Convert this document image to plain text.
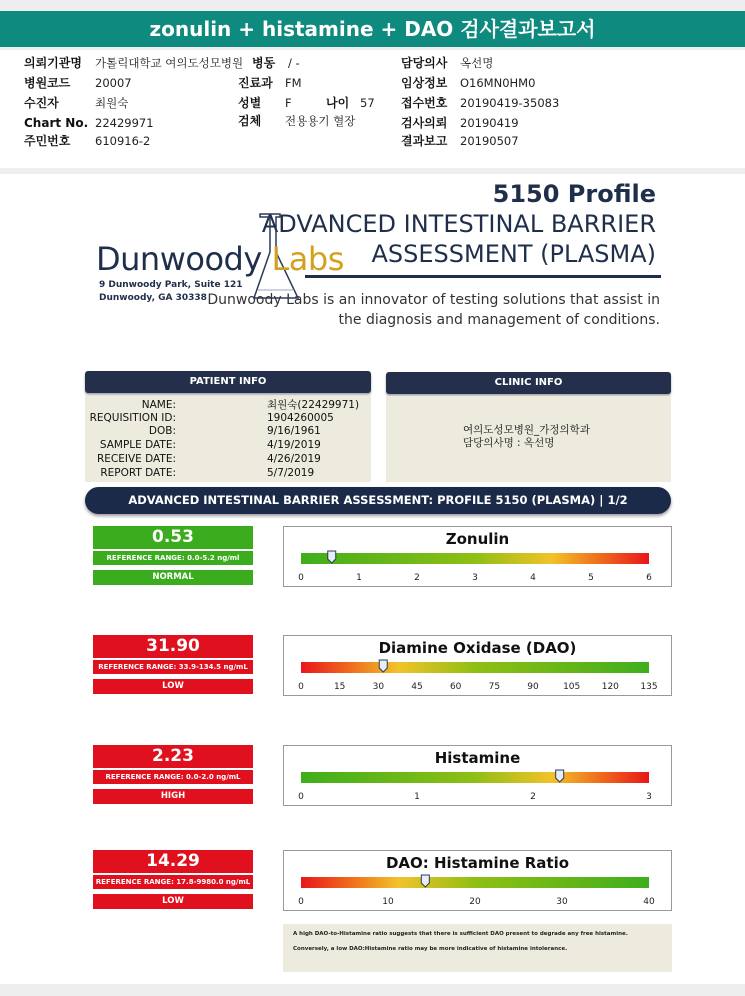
zonulin + histamine + DAO 검사결과보고서
의뢰기관명 가톨릭대학교 여의도성모병원
병원코드 20007
수진자	최원숙
Chart No. 22429971
주민번호 610916-2
병동 / -
진료과 FM
성별 F	나이 57
검체 전용용기 혈장
담당의사 옥선명
임상정보 O16MN0HM0
접수번호 20190419-35083
검사의뢰 20190419
결과보고 20190507
5150 Profile
ADVANCED INTESTINAL BARRIER
ASSESSMENT (PLASMA)
Dunwoody Labs is an innovator of testing solutions that assist in
the diagnosis and management of conditions.
Dunwoody Labs
9 Dunwoody Park, Suite 121
Dunwoody, GA 30338
PATIENT INFO
NAME:	최원숙(22429971)
REQUISITION ID:	1904260005
DOB:	9/16/1961
SAMPLE DATE:	4/19/2019
RECEIVE DATE:	4/26/2019
REPORT DATE:	5/7/2019
CLINIC INFO
여의도성모병원_가정의학과
담당의사명 : 옥선명
ADVANCED INTESTINAL BARRIER ASSESSMENT: PROFILE 5150 (PLASMA) | 1/2
0.53
REFERENCE RANGE: 0.0-5.2 ng/ml
NORMAL
Zonulin
0	1	2	3	4	5	6
31.90
REFERENCE RANGE: 33.9-134.5 ng/mL
LOW
Diamine Oxidase (DAO)
0	15	30	45	60	75	90	105 120 135
2.23
REFERENCE RANGE: 0.0-2.0 ng/mL
HIGH
Histamine
0	1	2	3
14.29
REFERENCE RANGE: 17.8-9980.0 ng/mL
LOW
DAO: Histamine Ratio
0	10	20	30	40

A high DAO-to-Histamine ratio suggests that there is sufficient DAO present to degrade any free histamine.

Conversely, a low DAO:Histamine ratio may be more indicative of histamine intolerance.
